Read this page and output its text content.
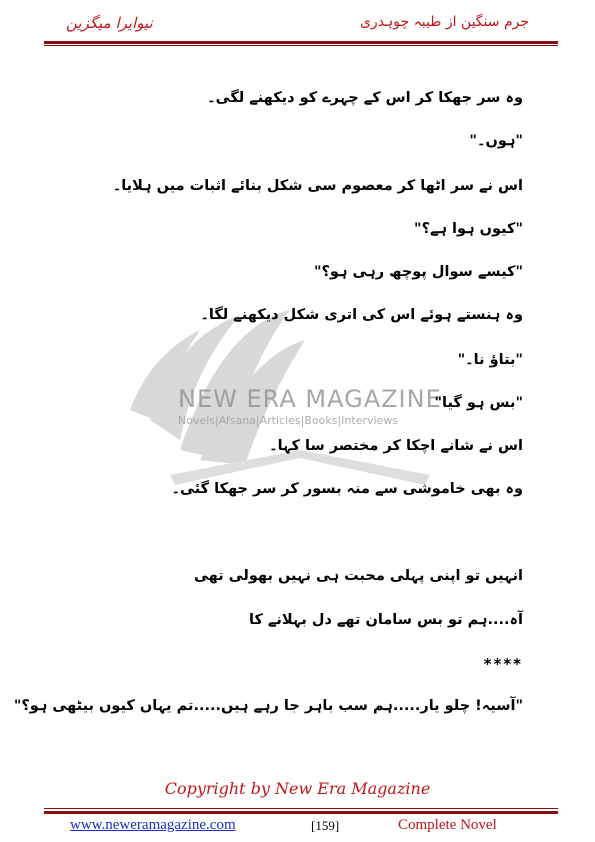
نیوایرا میگزین	جرم سنگین از طیبہ چوہدری
NEW ERA MAGAZINE
Novels|Afsana|Articles|Books|Interviews
وہ سر جھکا کر اس کے چہرے کو دیکھنے لگی۔
"ہوں۔"
اس نے سر اٹھا کر معصوم سی شکل بنائے اثبات میں ہلایا۔
"کیوں ہوا ہے؟"
"کیسے سوال پوچھ رہی ہو؟"
وہ ہنستے ہوئے اس کی اتری شکل دیکھنے لگا۔
"بتاؤ نا۔"
"بس ہو گیا"
اس نے شانے اچکا کر مختصر سا کہا۔
وہ بھی خاموشی سے منہ بسور کر سر جھکا گئی۔
انہیں تو اپنی پہلی محبت ہی نہیں بھولی تھی
آہ....ہم تو بس سامان تھے دل بہلانے کا
****
"آسیہ! چلو یار.....ہم سب باہر جا رہے ہیں.....تم یہاں کیوں بیٹھی ہو؟"
Copyright by New Era Magazine
www.neweramagazine.com	[159]	Complete Novel
